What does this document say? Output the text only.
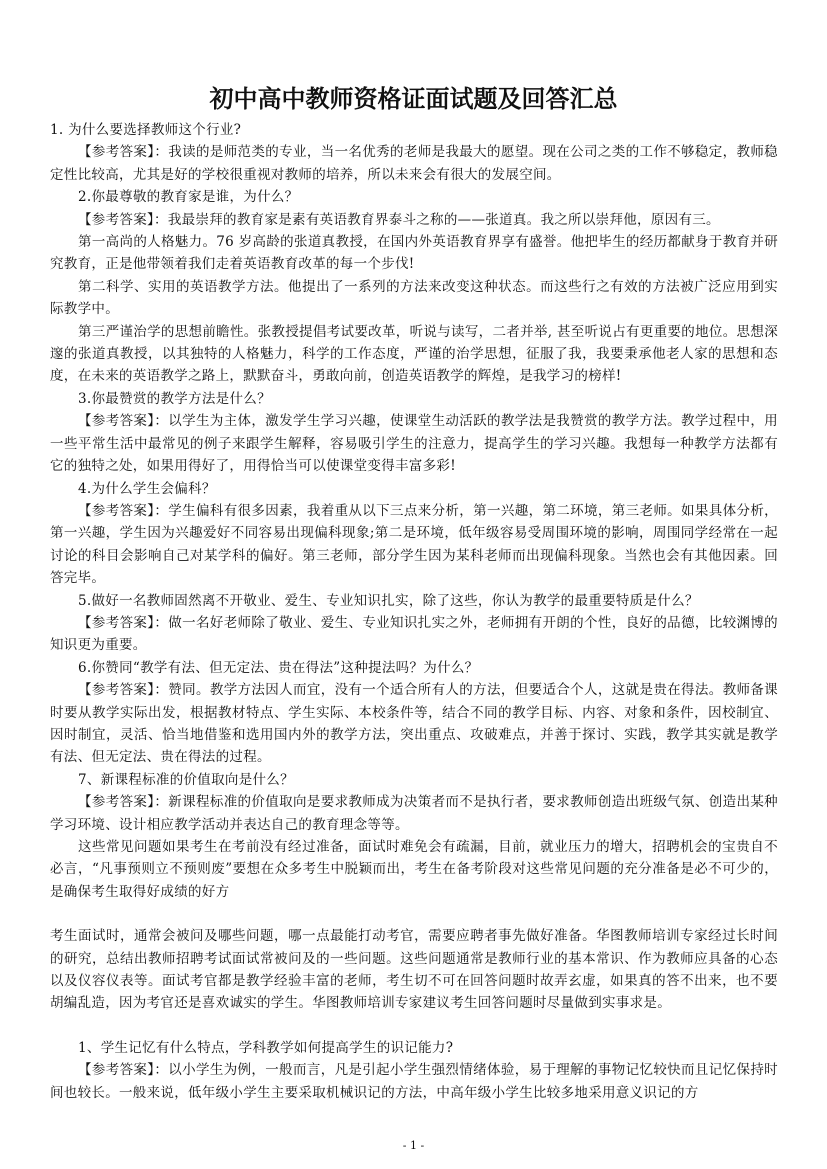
初中高中教师资格证面试题及回答汇总

1. 为什么要选择教师这个行业?

【参考答案】：我读的是师范类的专业，当一名优秀的老师是我最大的愿望。现在公司之类的工作不够稳定，教师稳定性比较高，尤其是好的学校很重视对教师的培养，所以未来会有很大的发展空间。

2.你最尊敬的教育家是谁，为什么？

【参考答案】：我最崇拜的教育家是素有英语教育界泰斗之称的——张道真。我之所以崇拜他，原因有三。

第一高尚的人格魅力。76 岁高龄的张道真教授，在国内外英语教育界享有盛誉。他把毕生的经历都献身于教育并研究教育，正是他带领着我们走着英语教育改革的每一个步伐!

第二科学、实用的英语教学方法。他提出了一系列的方法来改变这种状态。而这些行之有效的方法被广泛应用到实际教学中。

第三严谨治学的思想前瞻性。张教授提倡考试要改革，听说与读写，二者并举, 甚至听说占有更重要的地位。思想深邃的张道真教授，以其独特的人格魅力，科学的工作态度，严谨的治学思想，征服了我，我要秉承他老人家的思想和态度，在未来的英语教学之路上，默默奋斗，勇敢向前，创造英语教学的辉煌，是我学习的榜样!

3.你最赞赏的教学方法是什么？

【参考答案】：以学生为主体，激发学生学习兴趣，使课堂生动活跃的教学法是我赞赏的教学方法。教学过程中，用一些平常生活中最常见的例子来跟学生解释，容易吸引学生的注意力，提高学生的学习兴趣。我想每一种教学方法都有它的独特之处，如果用得好了，用得恰当可以使课堂变得丰富多彩!

4.为什么学生会偏科？

【参考答案】：学生偏科有很多因素，我着重从以下三点来分析，第一兴趣，第二环境，第三老师。如果具体分析，第一兴趣，学生因为兴趣爱好不同容易出现偏科现象;第二是环境，低年级容易受周围环境的影响，周围同学经常在一起讨论的科目会影响自己对某学科的偏好。第三老师，部分学生因为某科老师而出现偏科现象。当然也会有其他因素。回答完毕。

5.做好一名教师固然离不开敬业、爱生、专业知识扎实，除了这些，你认为教学的最重要特质是什么？

【参考答案】：做一名好老师除了敬业、爱生、专业知识扎实之外，老师拥有开朗的个性，良好的品德，比较渊博的知识更为重要。

6.你赞同“教学有法、但无定法、贵在得法”这种提法吗？为什么？

【参考答案】：赞同。教学方法因人而宜，没有一个适合所有人的方法，但要适合个人，这就是贵在得法。教师备课时要从教学实际出发，根据教材特点、学生实际、本校条件等，结合不同的教学目标、内容、对象和条件，因校制宜、因时制宜，灵活、恰当地借鉴和选用国内外的教学方法，突出重点、攻破难点，并善于探讨、实践，教学其实就是教学有法、但无定法、贵在得法的过程。

7、新课程标准的价值取向是什么？

【参考答案】：新课程标准的价值取向是要求教师成为决策者而不是执行者，要求教师创造出班级气氛、创造出某种学习环境、设计相应教学活动并表达自己的教育理念等等。

这些常见问题如果考生在考前没有经过准备，面试时难免会有疏漏，目前，就业压力的增大，招聘机会的宝贵自不必言，“凡事预则立不预则废”要想在众多考生中脱颖而出，考生在备考阶段对这些常见问题的充分准备是必不可少的，是确保考生取得好成绩的好方

考生面试时，通常会被问及哪些问题，哪一点最能打动考官，需要应聘者事先做好准备。华图教师培训专家经过长时间的研究，总结出教师招聘考试面试常被问及的一些问题。这些问题通常是教师行业的基本常识、作为教师应具备的心态以及仪容仪表等。面试考官都是教学经验丰富的老师，考生切不可在回答问题时故弄玄虚，如果真的答不出来，也不要胡编乱造，因为考官还是喜欢诚实的学生。华图教师培训专家建议考生回答问题时尽量做到实事求是。

1、学生记忆有什么特点，学科教学如何提高学生的识记能力?

【参考答案】：以小学生为例，一般而言，凡是引起小学生强烈情绪体验，易于理解的事物记忆较快而且记忆保持时间也较长。一般来说，低年级小学生主要采取机械识记的方法，中高年级小学生比较多地采用意义识记的方

- 1 -
